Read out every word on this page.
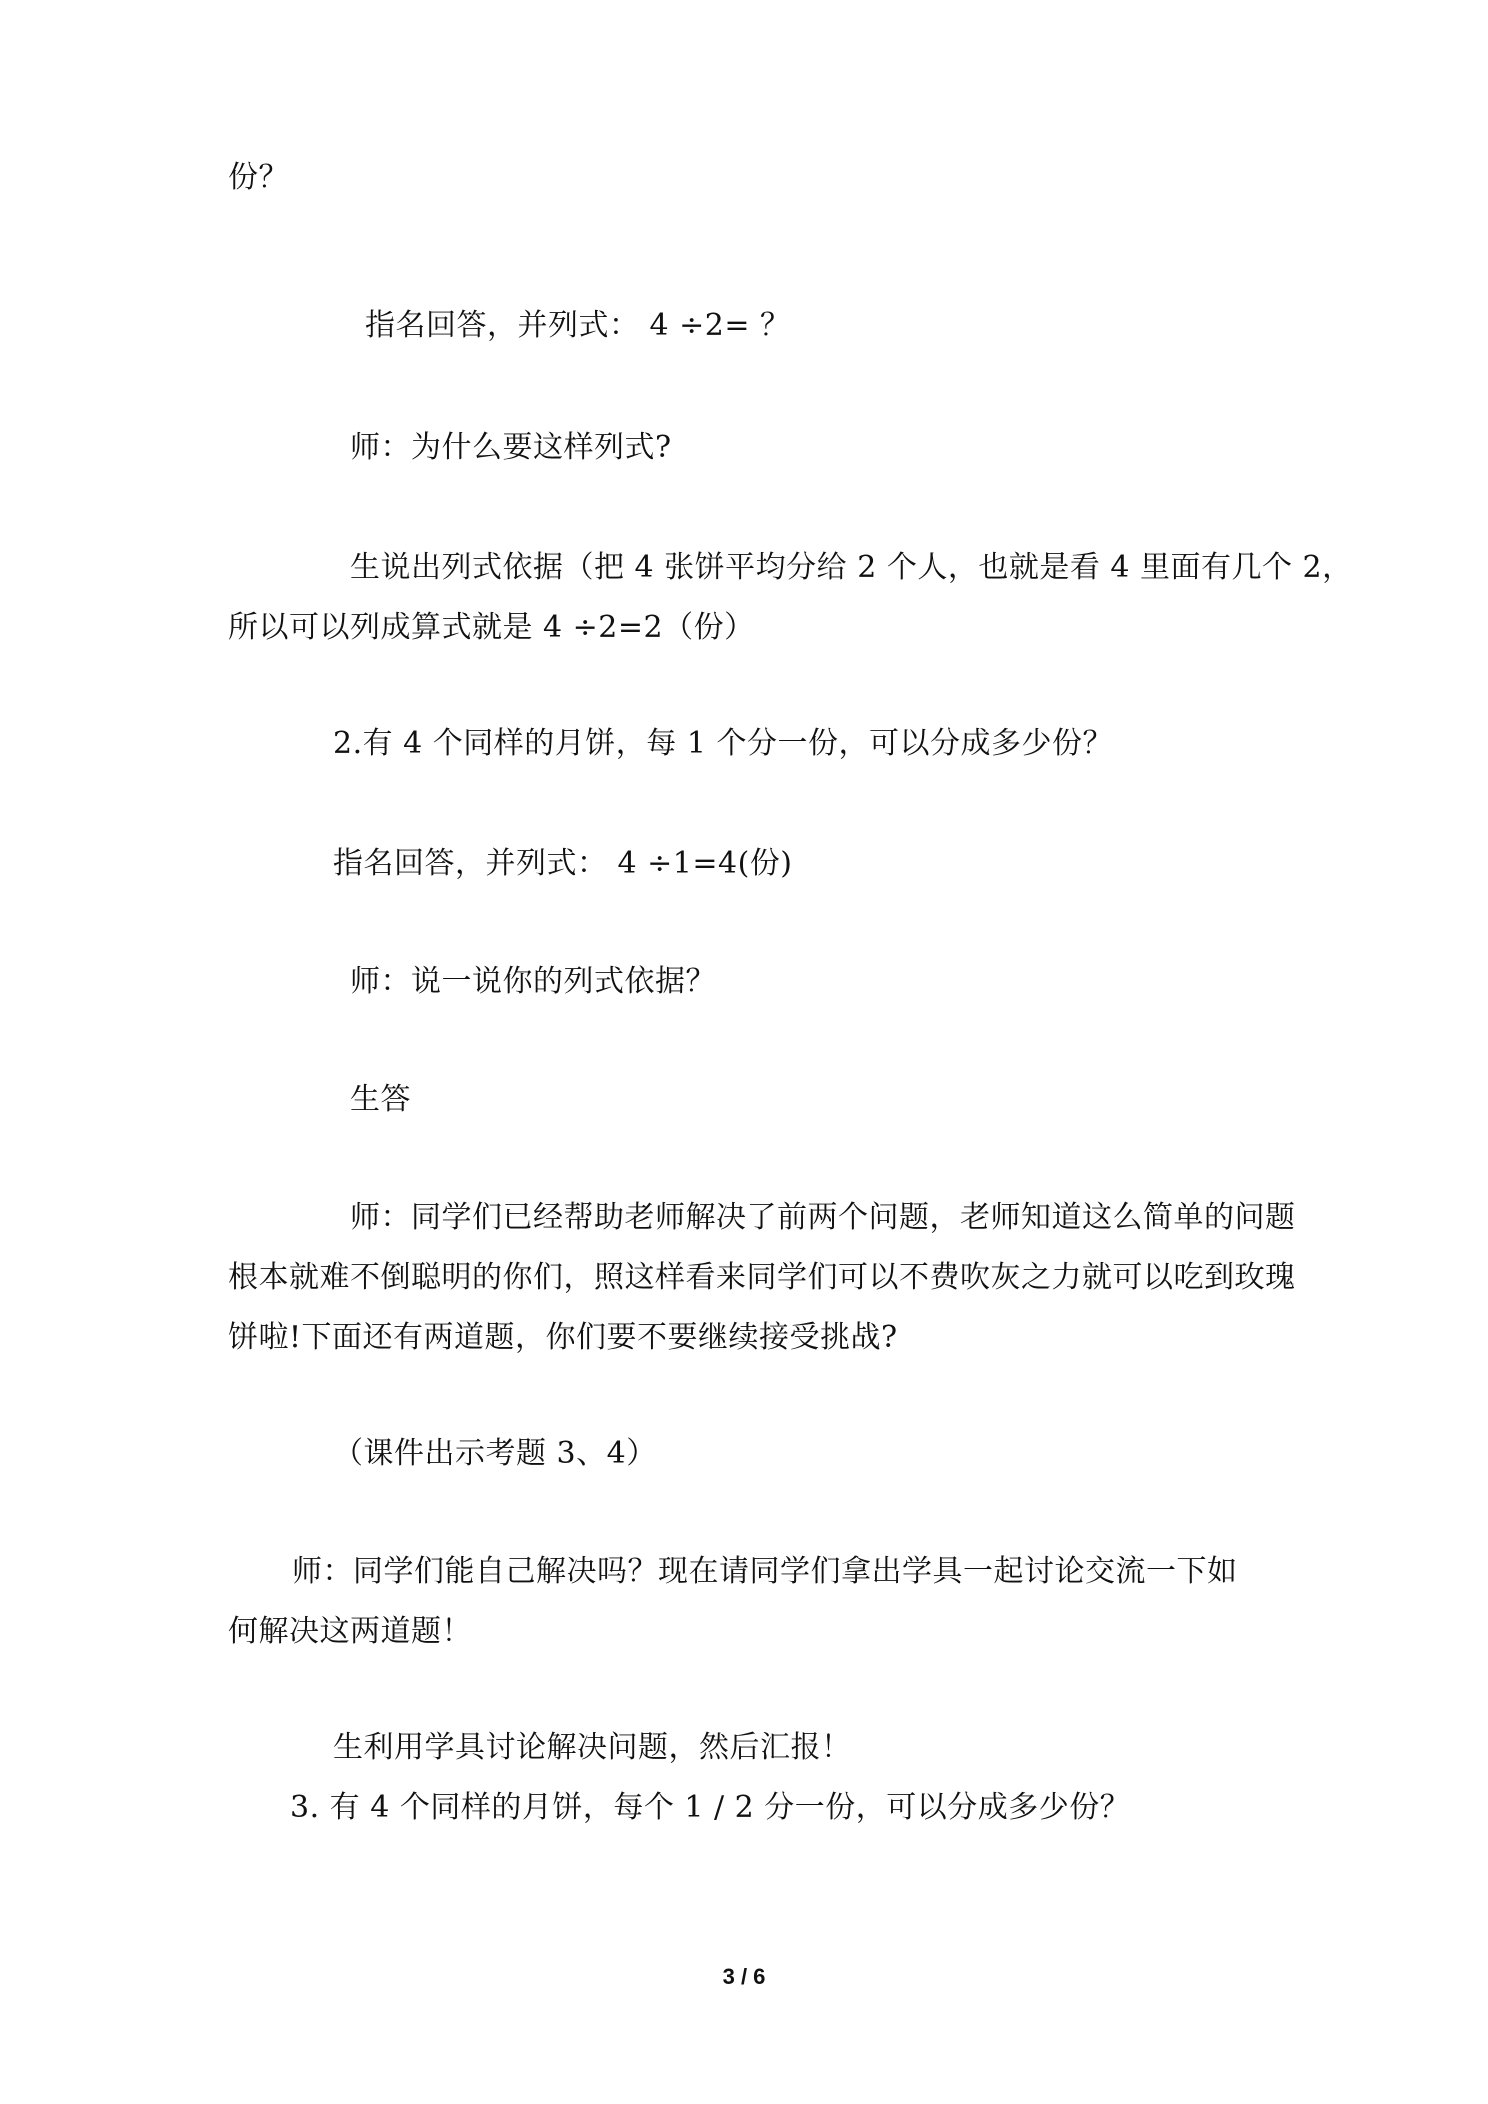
份？
指名回答，并列式： 4 ÷2= ？
师：为什么要这样列式?
生说出列式依据（把 4 张饼平均分给 2 个人，也就是看 4 里面有几个 2，
所以可以列成算式就是 4 ÷2=2（份）
2.有 4 个同样的月饼，每 1 个分一份，可以分成多少份？
指名回答，并列式： 4 ÷1=4(份)
师：说一说你的列式依据？
生答
师：同学们已经帮助老师解决了前两个问题，老师知道这么简单的问题
根本就难不倒聪明的你们，照这样看来同学们可以不费吹灰之力就可以吃到玫瑰
饼啦!下面还有两道题，你们要不要继续接受挑战?
（课件出示考题 3、4）
师：同学们能自己解决吗？现在请同学们拿出学具一起讨论交流一下如
何解决这两道题！
生利用学具讨论解决问题，然后汇报！
3. 有 4 个同样的月饼，每个 1 / 2 分一份，可以分成多少份？
3 / 6
